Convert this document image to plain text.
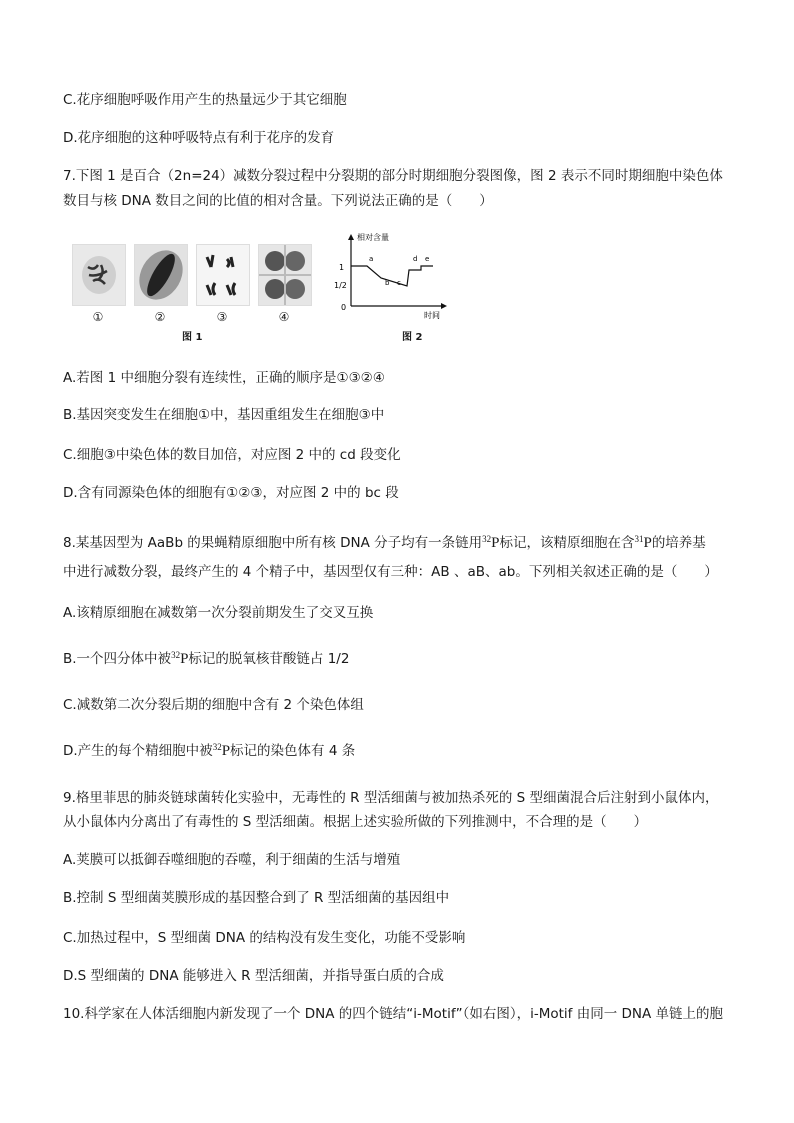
C.花序细胞呼吸作用产生的热量远少于其它细胞
D.花序细胞的这种呼吸特点有利于花序的发育
7.下图 1 是百合（2n=24）减数分裂过程中分裂期的部分时期细胞分裂图像，图 2 表示不同时期细胞中染色体
数目与核 DNA 数目之间的比值的相对含量。下列说法正确的是（　　）
①	②	③	④
图 1
相对含量
时间
1
1/2
0
a
b c
d e
图 2
A.若图 1 中细胞分裂有连续性，正确的顺序是①③②④
B.基因突变发生在细胞①中，基因重组发生在细胞③中
C.细胞③中染色体的数目加倍，对应图 2 中的 cd 段变化
D.含有同源染色体的细胞有①②③，对应图 2 中的 bc 段
8.某基因型为 AaBb 的果蝇精原细胞中所有核 DNA 分子均有一条链用$^{32}$P标记，该精原细胞在含$^{31}$P的培养基
中进行减数分裂，最终产生的 4 个精子中，基因型仅有三种：AB 、aB、ab。下列相关叙述正确的是（　　）
A.该精原细胞在减数第一次分裂前期发生了交叉互换
B.一个四分体中被$^{32}$P标记的脱氧核苷酸链占 1/2
C.减数第二次分裂后期的细胞中含有 2 个染色体组
D.产生的每个精细胞中被$^{32}$P标记的染色体有 4 条
9.格里菲思的肺炎链球菌转化实验中，无毒性的 R 型活细菌与被加热杀死的 S 型细菌混合后注射到小鼠体内，
从小鼠体内分离出了有毒性的 S 型活细菌。根据上述实验所做的下列推测中，不合理的是（　　）
A.荚膜可以抵御吞噬细胞的吞噬，利于细菌的生活与增殖
B.控制 S 型细菌荚膜形成的基因整合到了 R 型活细菌的基因组中
C.加热过程中，S 型细菌 DNA 的结构没有发生变化，功能不受影响
D.S 型细菌的 DNA 能够进入 R 型活细菌，并指导蛋白质的合成
10.科学家在人体活细胞内新发现了一个 DNA 的四个链结“i-Motif”（如右图），i-Motif 由同一 DNA 单链上的胞
